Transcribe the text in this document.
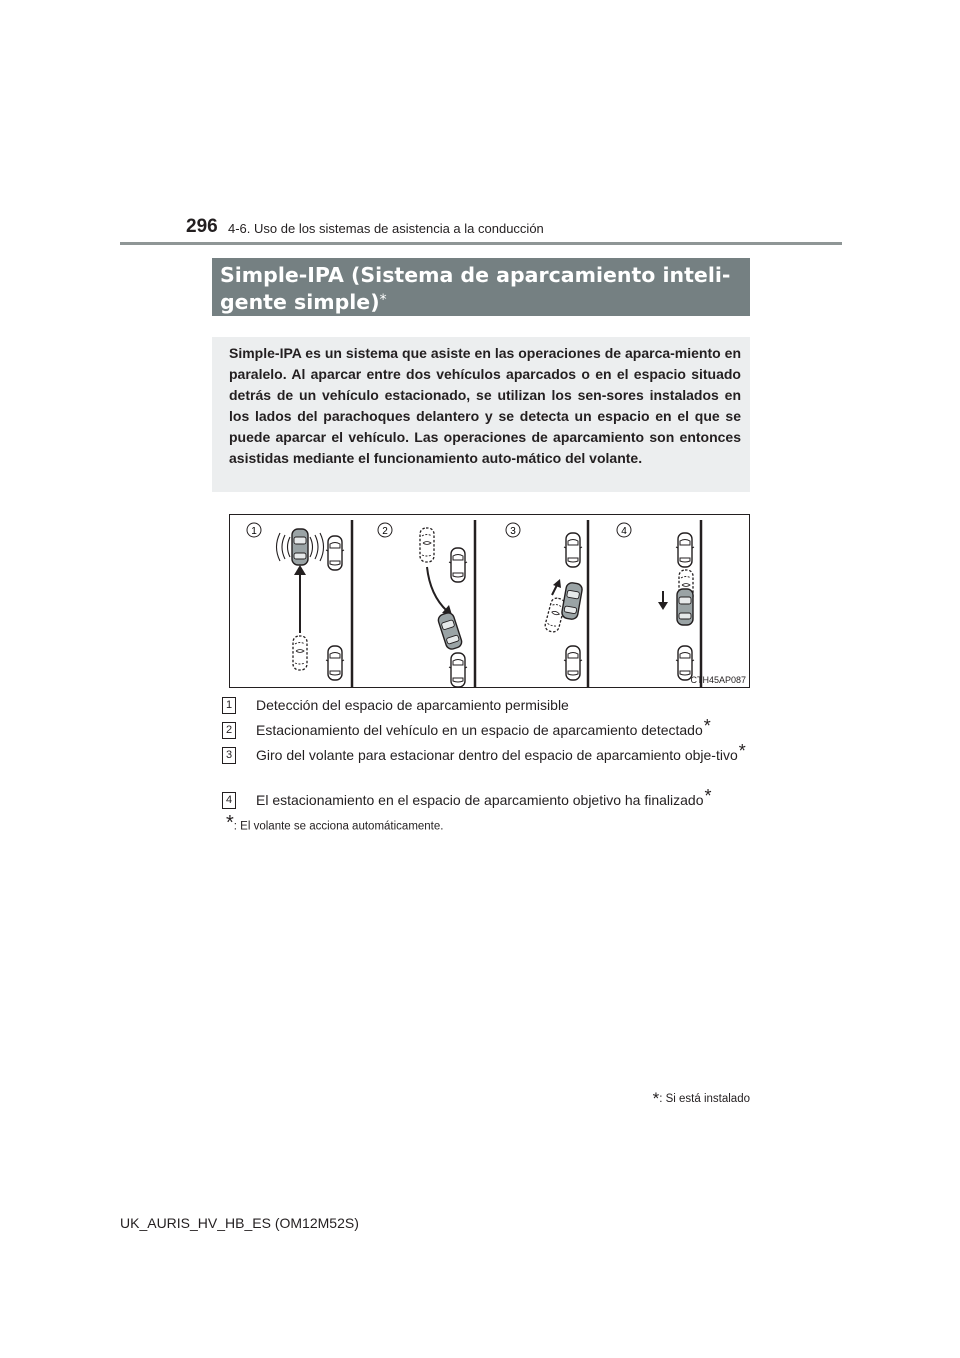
296 4-6. Uso de los sistemas de asistencia a la conducción
Simple-IPA (Sistema de aparcamiento inteli-
gente simple)*
Simple-IPA es un sistema que asiste en las operaciones de aparca-miento en paralelo. Al aparcar entre dos vehículos aparcados o en el espacio situado detrás de un vehículo estacionado, se utilizan los sen-sores instalados en los lados del parachoques delantero y se detecta un espacio en el que se puede aparcar el vehículo. Las operaciones de aparcamiento son entonces asistidas mediante el funcionamiento auto-mático del volante.
1	2	3	4
CTH45AP087
1 Detección del espacio de aparcamiento permisible
2 Estacionamiento del vehículo en un espacio de aparcamiento detectado*
3 Giro del volante para estacionar dentro del espacio de aparcamiento obje-tivo*
4 El estacionamiento en el espacio de aparcamiento objetivo ha finalizado*
*: El volante se acciona automáticamente.
*: Si está instalado
UK_AURIS_HV_HB_ES (OM12M52S)
